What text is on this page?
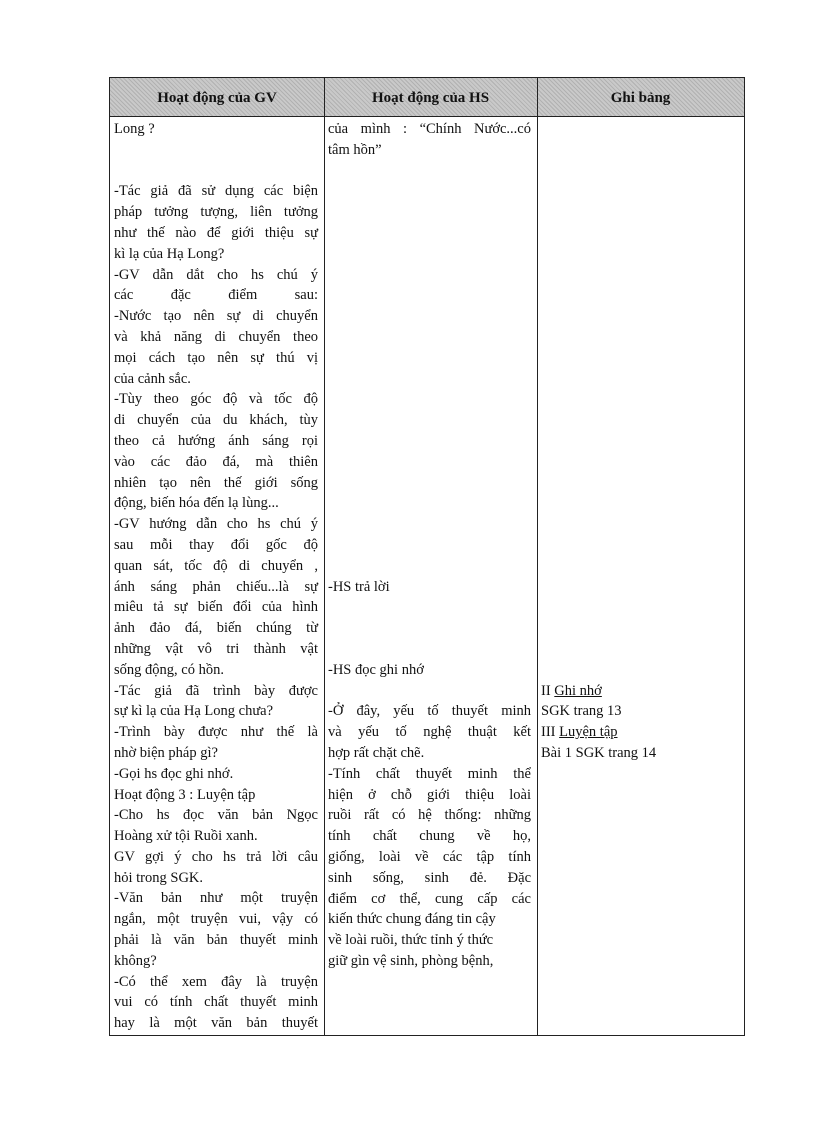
Hoạt động của GV	Hoạt động của HS	Ghi bảng
Long ?
-Tác giả đã sử dụng các biện
pháp tưởng tượng, liên tưởng
như thế nào để giới thiệu sự
kì lạ của Hạ Long?
-GV dẫn dắt cho hs chú ý
các đặc điểm sau:
-Nước tạo nên sự di chuyển
và khả năng di chuyển theo
mọi cách tạo nên sự thú vị
của cảnh sắc.
-Tùy theo góc độ và tốc độ
di chuyển của du khách, tùy
theo cả hướng ánh sáng rọi
vào các đảo đá, mà thiên
nhiên tạo nên thế giới sống
động, biến hóa đến lạ lùng...
-GV hướng dẫn cho hs chú ý
sau mỗi thay đổi gốc độ
quan sát, tốc độ di chuyển ,
ánh sáng phản chiếu...là sự
miêu tả sự biến đổi của hình
ảnh đảo đá, biến chúng từ
những vật vô tri thành vật
sống động, có hồn.
-Tác giả đã trình bày được
sự kì lạ của Hạ Long chưa?
-Trình bày được như thế là
nhờ biện pháp gì?
-Gọi hs đọc ghi nhớ.
Hoạt động 3 : Luyện tập
-Cho hs đọc văn bản Ngọc
Hoàng xử tội Ruồi xanh.
GV gợi ý cho hs trả lời câu
hỏi trong SGK.
-Văn bản như một truyện
ngắn, một truyện vui, vậy có
phải là văn bản thuyết minh
không?
-Có thể xem đây là truyện
vui có tính chất thuyết minh
hay là một văn bản thuyết
của mình : “Chính Nước...có
tâm hồn”
-HS trả lời
-HS đọc ghi nhớ
-Ở đây, yếu tố thuyết minh
và yếu tố nghệ thuật kết
hợp rất chặt chẽ.
-Tính chất thuyết minh thể
hiện ở chỗ giới thiệu loài
ruồi rất có hệ thống: những
tính chất chung về họ,
giống, loài về các tập tính
sinh sống, sinh đẻ. Đặc
điểm cơ thể, cung cấp các
kiến thức chung đáng tin cậy
về loài ruồi, thức tỉnh ý thức
giữ gìn vệ sinh, phòng bệnh,
II Ghi nhớ
SGK trang 13
III Luyện tập
Bài 1 SGK trang 14
